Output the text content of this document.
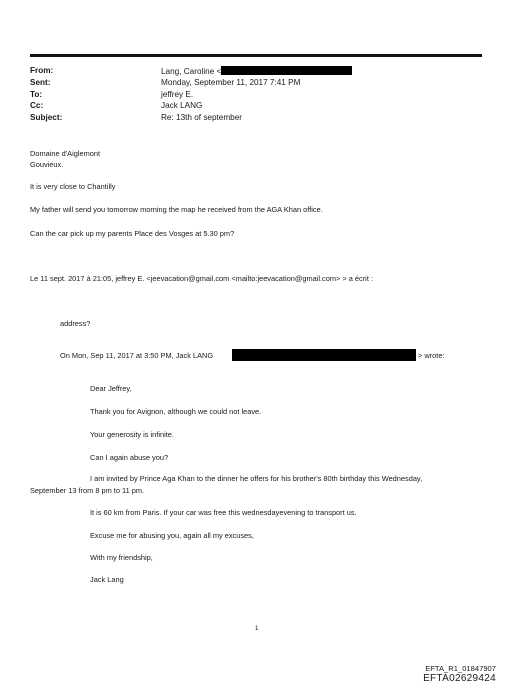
From:	Lang, Caroline <
Sent:	Monday, September 11, 2017 7:41 PM
To:	jeffrey E.
Cc:	Jack LANG
Subject:	Re: 13th of september
Domaine d'Aiglemont
Gouvieux.
It is very close to Chantilly
My father will send you tomorrow morning the map he received from the AGA Khan office.
Can the car pick up my parents Place des Vosges at 5.30 pm?
Le 11 sept. 2017 à 21:05, jeffrey E. <jeevacation@gmail.com <mailto:jeevacation@gmail.com> > a écrit :
address?
On Mon, Sep 11, 2017 at 3:50 PM, Jack LANG	> wrote:
Dear Jeffrey,
Thank you for Avignon, although we could not leave.
Your generosity is infinite.
Can I again abuse you?
I am invited by Prince Aga Khan to the dinner he offers for his brother's 80th birthday this Wednesday,
September 13 from 8 pm to 11 pm.
It is 60 km from Paris. If your car was free this wednesdayevening to transport us.
Excuse me for abusing you, again all my excuses,
With my friendship,
Jack Lang
1
EFTA_R1_01847907
EFTA02629424
